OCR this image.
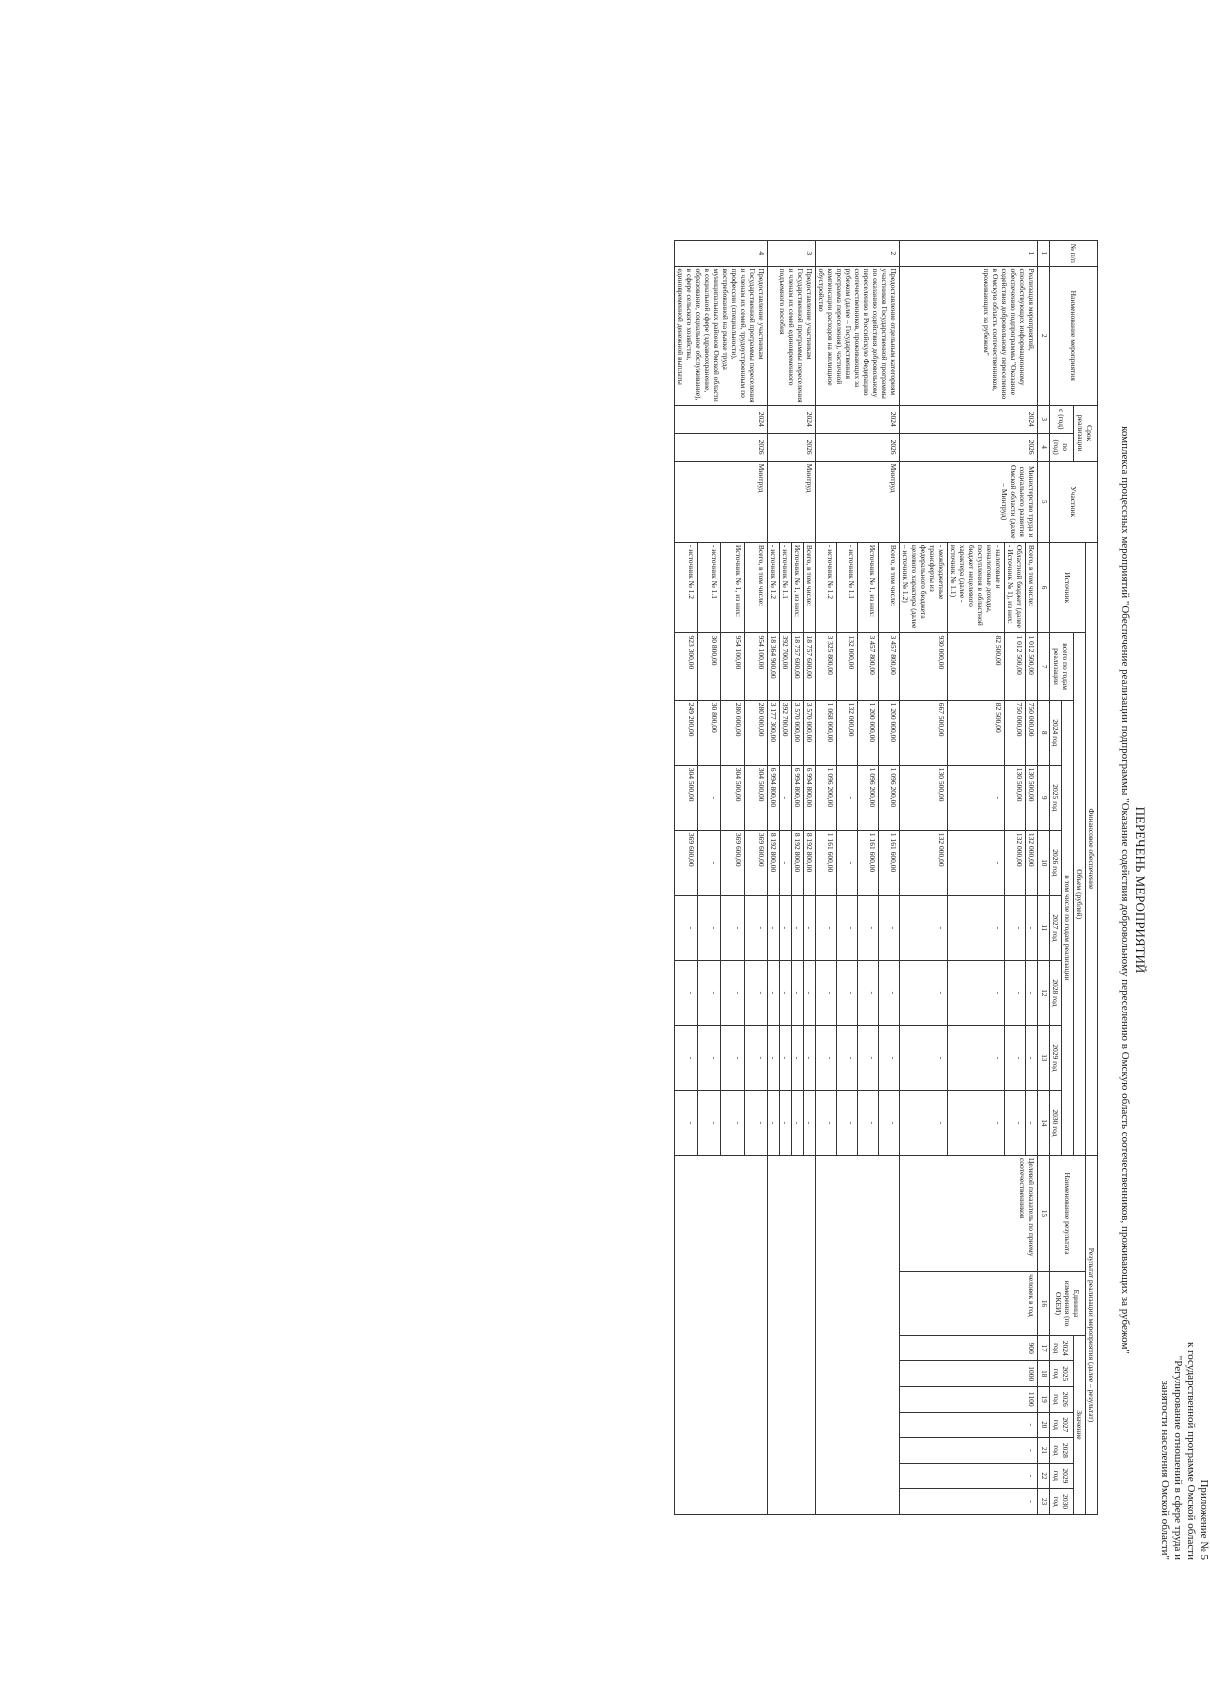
Приложение № 5
к государственной программе Омской области
"Регулирование отношений в сфере труда и
занятости населения Омской области"
ПЕРЕЧЕНЬ МЕРОПРИЯТИЙ
комплекса процессных мероприятий "Обеспечение реализации подпрограммы "Оказание содействия добровольному переселению в Омскую область соотечественников, проживающих за рубежом"
№ п/п	Наименование мероприятия	Срок реализации		Участник	Финансовое обеспечение									Результат реализации мероприятия (далее – результат)								
					Источник	Объем (рублей)								Наименование результата	Единица измерения (по ОКЕИ)	Значение						
		с (год)	по (год)			всего по годам реализации	в том числе по годам реализации									2024 год	2025 год	2026 год	2027 год	2028 год	2029 год	2030 год
							2024 год	2025 год	2026 год	2027 год	2028 год	2029 год	2030 год									
1	2	3	4	5	6	7	8	9	10	11	12	13	14	15	16	17	18	19	20	21	22	23
1	Реализация мероприятий, способствующих информационному обеспечению подпрограммы "Оказание содействия добровольному переселению в Омскую область соотечественников, проживающих за рубежом"	2024	2026	Министерство труда и социального развития Омской области (далее – Минтруд)	Всего, в том числе:	1 012 500,00	750 000,00	130 500,00	132 000,00	-	-	-	-	Целевой показатель по приему соотечественников	человек в год	900	1000	1100	-	-	-	-
					Областной бюджет (далее - Источник № 1), из них:	1 012 500,00	750 000,00	130 500,00	132 000,00	-	-	-	-									
					- налоговые и неналоговые доходы, поступления в областной бюджет нецелевого характера (далее - источник № 1.1)	82 500,00	82 500,00	-	-	-	-	-	-									
					- межбюджетные трансферты из федерального бюджета целевого характера (далее – источник № 1.2)	930 000,00	667 500,00	130 500,00	132 000,00	-	-	-	-									
2	Предоставление отдельным категориям участников Государственной программы по оказанию содействия добровольному переселению в Российскую Федерацию соотечественников, проживающих за рубежом (далее – Государственная программа переселения), частичной компенсации расходов на жилищное обустройство	2024	2026	Минтруд	Всего, в том числе:	3 457 800,00	1 200 000,00	1 096 200,00	1 161 600,00	-	-	-	-									
					Источник № 1, из них:	3 457 800,00	1 200 000,00	1 096 200,00	1 161 600,00	-	-	-	-									
					- источник № 1.1	132 000,00	132 000,00	-	-	-	-	-	-									
					- источник № 1.2	3 325 800,00	1 068 000,00	1 096 200,00	1 161 600,00	-	-	-	-									
3	Предоставление участникам Государственной программы переселения и членам их семей единовременного подъемного пособия	2024	2026	Минтруд	Всего, в том числе:	18 757 600,00	3 570 000,00	6 994 800,00	8 192 800,00	-	-	-	-									
					Источник № 1, из них:	18 757 600,00	3 570 000,00	6 994 800,00	8 192 800,00	-	-	-	-									
					- источник № 1.1	392 700,00	392 700,00	-	-	-	-	-	-									
					- источник № 1.2	18 364 900,00	3 177 300,00	6 994 800,00	8 192 800,00	-	-	-	-									
4	Предоставление участникам Государственной программы переселения и членам их семей, трудоустроенным по профессии (специальности), востребованной на рынке труда муниципальных районов Омской области в социальной сфере (здравоохранение, образование, социальное обслуживание), в сфере сельского хозяйства, единовременной денежной выплаты	2024	2026	Минтруд	Всего, в том числе:	954 100,00	280 000,00	304 500,00	369 600,00	-	-	-	-									
					Источник № 1, из них:	954 100,00	280 000,00	304 500,00	369 600,00	-	-	-	-									
					- источник № 1.1	30 800,00	30 800,00	-	-	-	-	-	-									
					- источник № 1.2	923 300,00	249 200,00	304 500,00	369 600,00	-	-	-	-									
